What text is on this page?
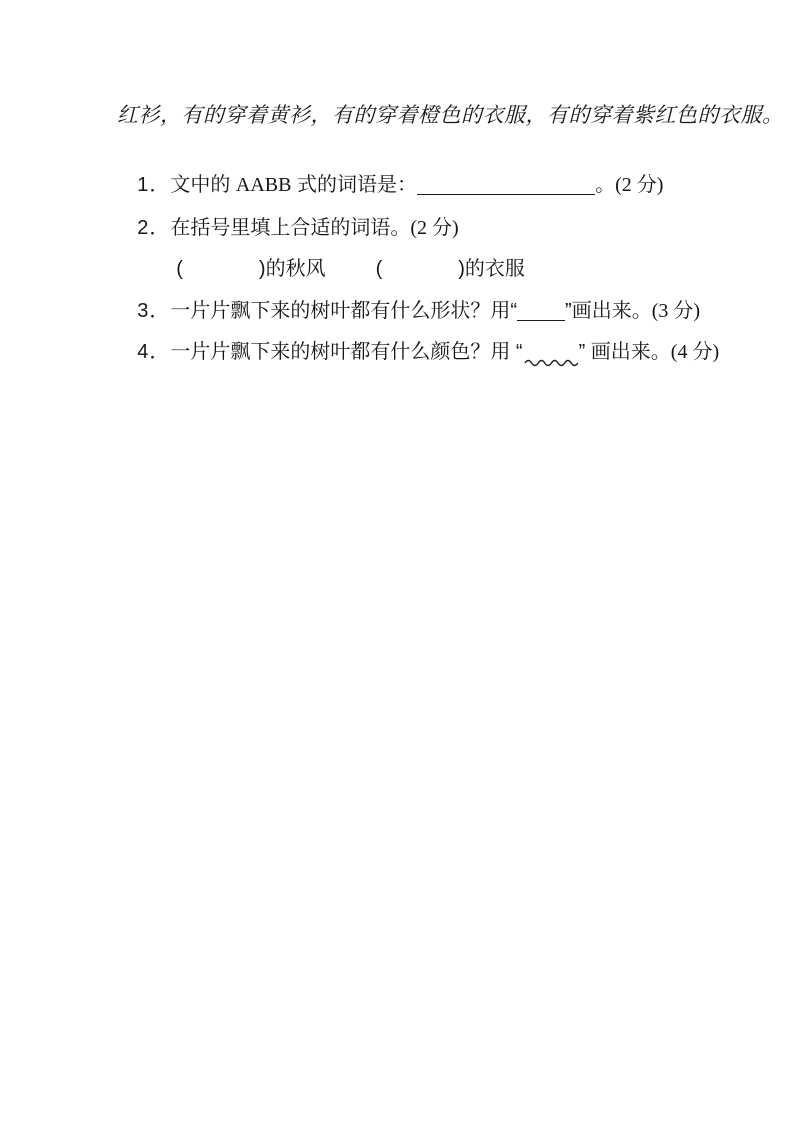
红衫，有的穿着黄衫，有的穿着橙色的衣服，有的穿着紫红色的衣服。

1．文中的 AABB 式的词语是：	。(2 分)

2．在括号里填上合适的词语。(2 分)

(	)的秋风	(	)的衣服

3．一片片飘下来的树叶都有什么形状？用“ ”画出来。(3 分)

4．一片片飘下来的树叶都有什么颜色？用 “	” 画出来。(4 分)
